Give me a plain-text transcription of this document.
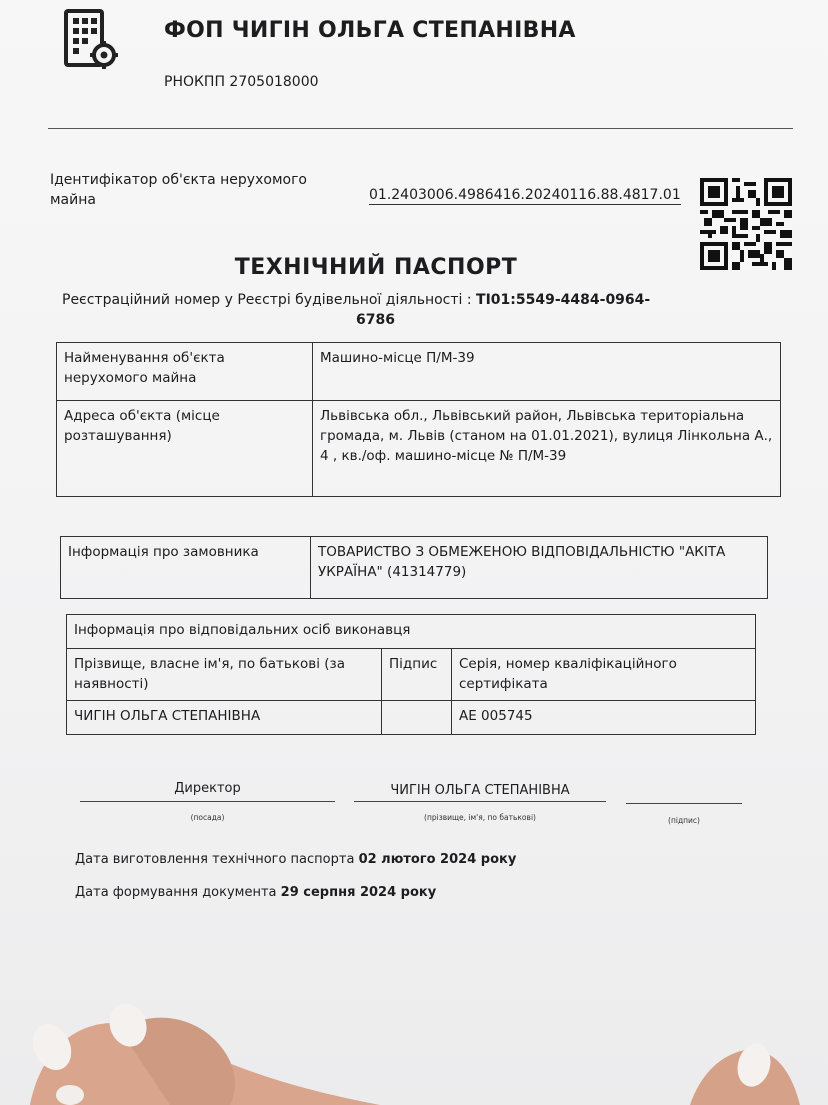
ФОП ЧИГІН ОЛЬГА СТЕПАНІВНА
РНОКПП 2705018000
Ідентифікатор об'єкта нерухомого майна	01.2403006.4986416.20240116.88.4817.01
ТЕХНІЧНИЙ ПАСПОРТ
Реєстраційний номер у Реєстрі будівельної діяльності : ТІ01:5549-4484-0964-
6786
Найменування об'єкта нерухомого майна	Машино-місце П/М-39
Адреса об'єкта (місце розташування)	Львівська обл., Львівський район, Львівська територіальна громада, м. Львів (станом на 01.01.2021), вулиця Лінкольна А., 4 , кв./оф. машино-місце № П/М-39
Інформація про замовника	ТОВАРИСТВО З ОБМЕЖЕНОЮ ВІДПОВІДАЛЬНІСТЮ "АКІТА УКРАЇНА" (41314779)
Інформація про відповідальних осіб виконавця		
Прізвище, власне ім'я, по батькові (за наявності)	Підпис	Серія, номер кваліфікаційного сертифіката
ЧИГІН ОЛЬГА СТЕПАНІВНА		АЕ 005745
Директор	ЧИГІН ОЛЬГА СТЕПАНІВНА
(посада)	(прізвище, ім'я, по батькові)	(підпис)
Дата виготовлення технічного паспорта 02 лютого 2024 року
Дата формування документа 29 серпня 2024 року
